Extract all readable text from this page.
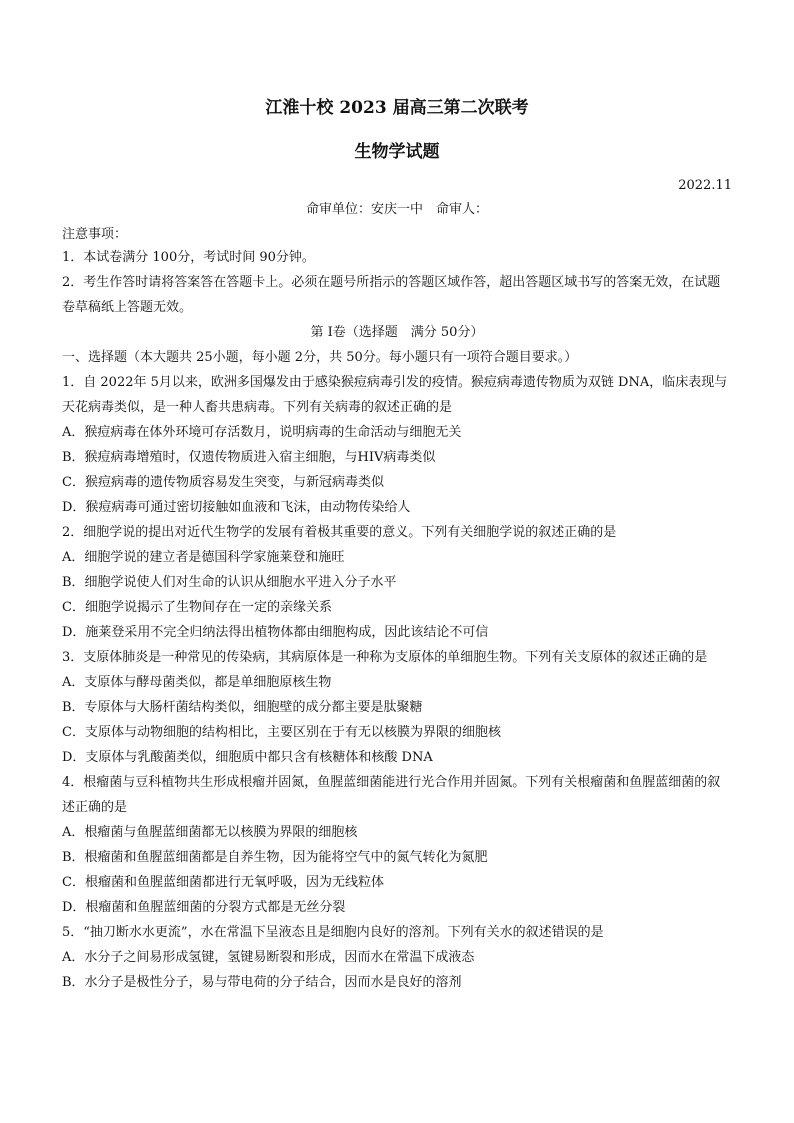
江淮十校 2023 届高三第二次联考
生物学试题
2022.11
命审单位：安庆一中　命审人：
注意事项：

1．本试卷满分 100分，考试时间 90分钟。

2．考生作答时请将答案答在答题卡上。必须在题号所指示的答题区域作答，超出答题区域书写的答案无效，在试题卷草稿纸上答题无效。

第 I卷（选择题　满分 50分）
一、选择题（本大题共 25小题，每小题 2分，共 50分。每小题只有一项符合题目要求。）

1．自 2022年 5月以来，欧洲多国爆发由于感染猴痘病毒引发的疫情。猴痘病毒遗传物质为双链 DNA，临床表现与天花病毒类似，是一种人畜共患病毒。下列有关病毒的叙述正确的是

A．猴痘病毒在体外环境可存活数月，说明病毒的生命活动与细胞无关

B．猴痘病毒增殖时，仅遗传物质进入宿主细胞，与HIV病毒类似

C．猴痘病毒的遗传物质容易发生突变，与新冠病毒类似

D．猴痘病毒可通过密切接触如血液和飞沫，由动物传染给人

2．细胞学说的提出对近代生物学的发展有着极其重要的意义。下列有关细胞学说的叙述正确的是

A．细胞学说的建立者是德国科学家施莱登和施旺

B．细胞学说使人们对生命的认识从细胞水平进入分子水平

C．细胞学说揭示了生物间存在一定的亲缘关系

D．施莱登采用不完全归纳法得出植物体都由细胞构成，因此该结论不可信

3．支原体肺炎是一种常见的传染病，其病原体是一种称为支原体的单细胞生物。下列有关支原体的叙述正确的是

A．支原体与酵母菌类似，都是单细胞原核生物

B．专原体与大肠杆菌结构类似，细胞壁的成分都主要是肽聚糖

C．支原体与动物细胞的结构相比，主要区别在于有无以核膜为界限的细胞核

D．支原体与乳酸菌类似，细胞质中都只含有核糖体和核酸 DNA

4．根瘤菌与豆科植物共生形成根瘤并固氮，鱼腥蓝细菌能进行光合作用并固氮。下列有关根瘤菌和鱼腥蓝细菌的叙述正确的是

A．根瘤菌与鱼腥蓝细菌都无以核膜为界限的细胞核

B．根瘤菌和鱼腥蓝细菌都是自养生物，因为能将空气中的氮气转化为氮肥

C．根瘤菌和鱼腥蓝细菌都进行无氧呼吸，因为无线粒体

D．根瘤菌和鱼腥蓝细菌的分裂方式都是无丝分裂

5．“抽刀断水水更流”，水在常温下呈液态且是细胞内良好的溶剂。下列有关水的叙述错误的是

A．水分子之间易形成氢键，氢键易断裂和形成，因而水在常温下成液态

B．水分子是极性分子，易与带电荷的分子结合，因而水是良好的溶剂
